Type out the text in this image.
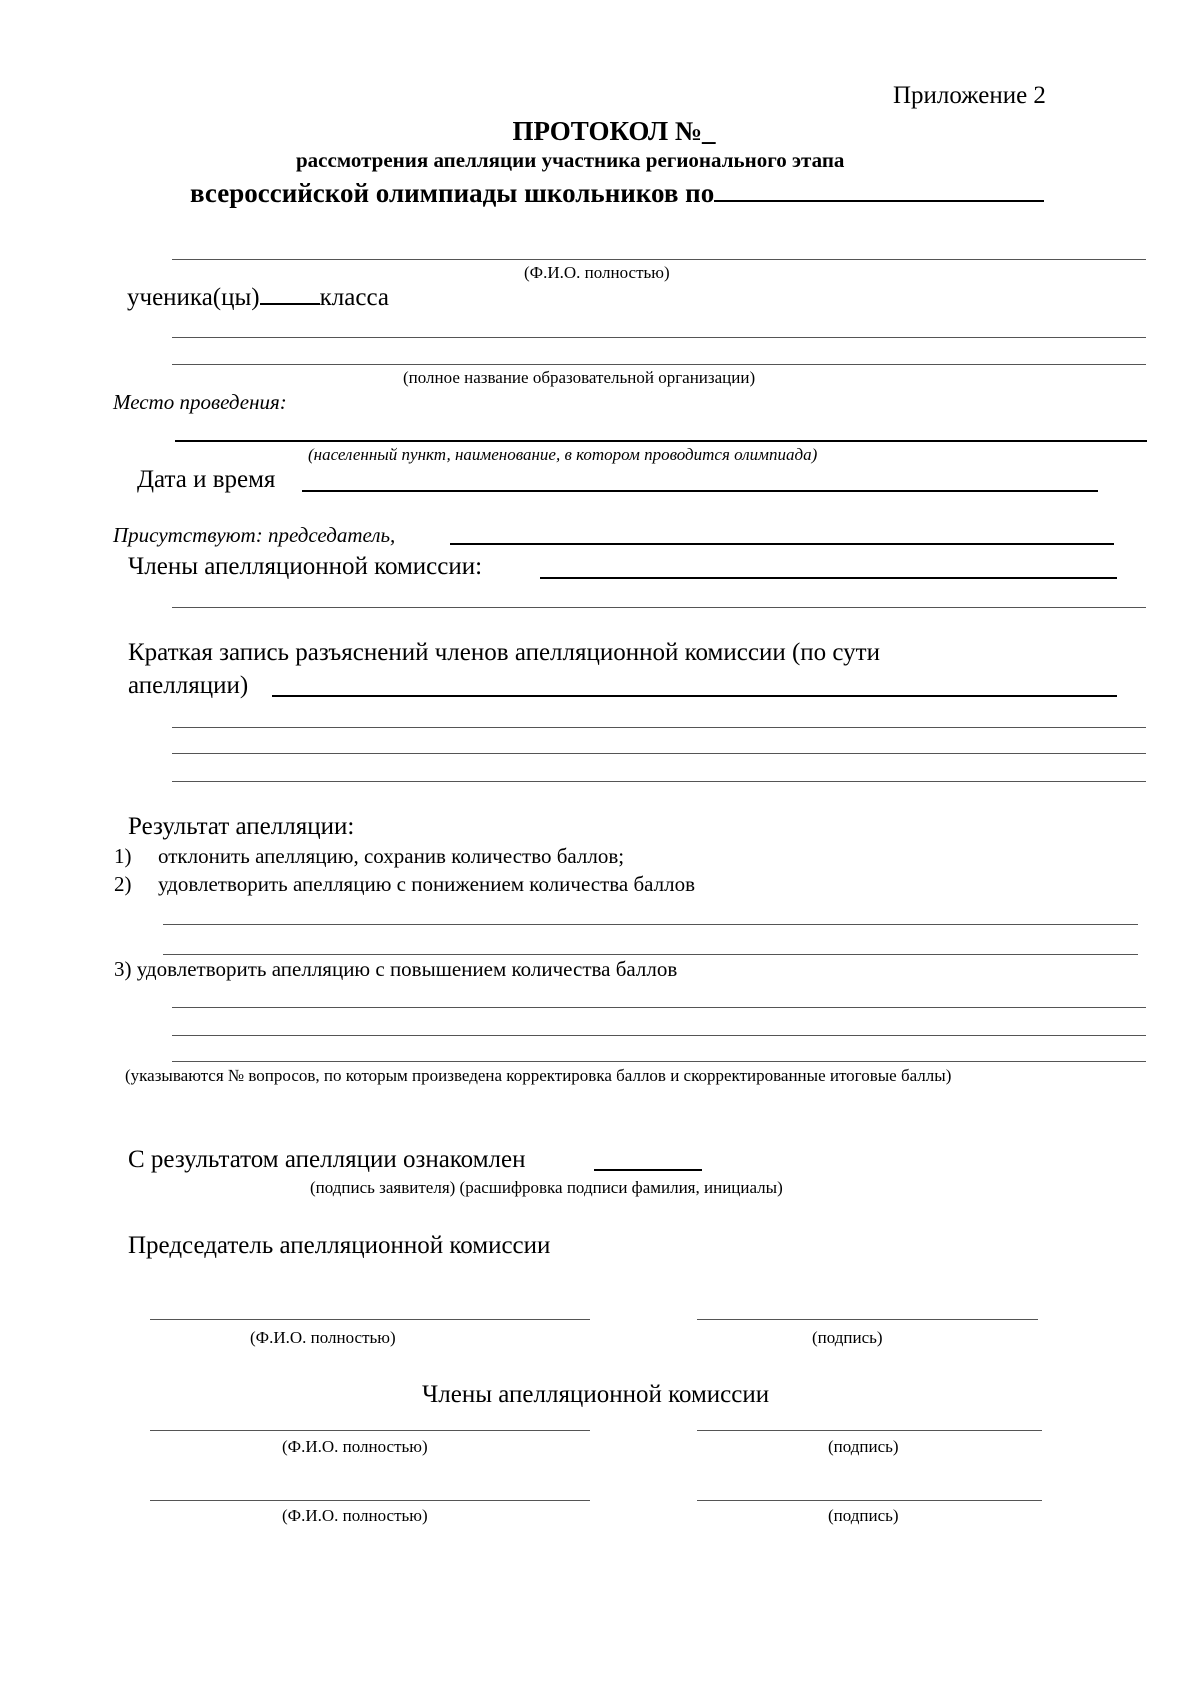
Приложение 2
ПРОТОКОЛ №_
рассмотрения апелляции участника регионального этапа
всероссийской олимпиады школьников по
(Ф.И.О. полностью)
ученика(цы) класса
(полное название образовательной организации)
Место проведения:
(населенный пункт, наименование, в котором проводится олимпиада)
Дата и время
Присутствуют: председатель,
Члены апелляционной комиссии:
Краткая запись разъяснений членов апелляционной комиссии (по сути
апелляции)
Результат апелляции:
1) отклонить апелляцию, сохранив количество баллов;
2) удовлетворить апелляцию с понижением количества баллов
3) удовлетворить апелляцию с повышением количества баллов
(указываются № вопросов, по которым произведена корректировка баллов и скорректированные итоговые баллы)
С результатом апелляции ознакомлен
(подпись заявителя) (расшифровка подписи фамилия, инициалы)
Председатель апелляционной комиссии
(Ф.И.О. полностью)	(подпись)
Члены апелляционной комиссии
(Ф.И.О. полностью)	(подпись)
(Ф.И.О. полностью)	(подпись)
